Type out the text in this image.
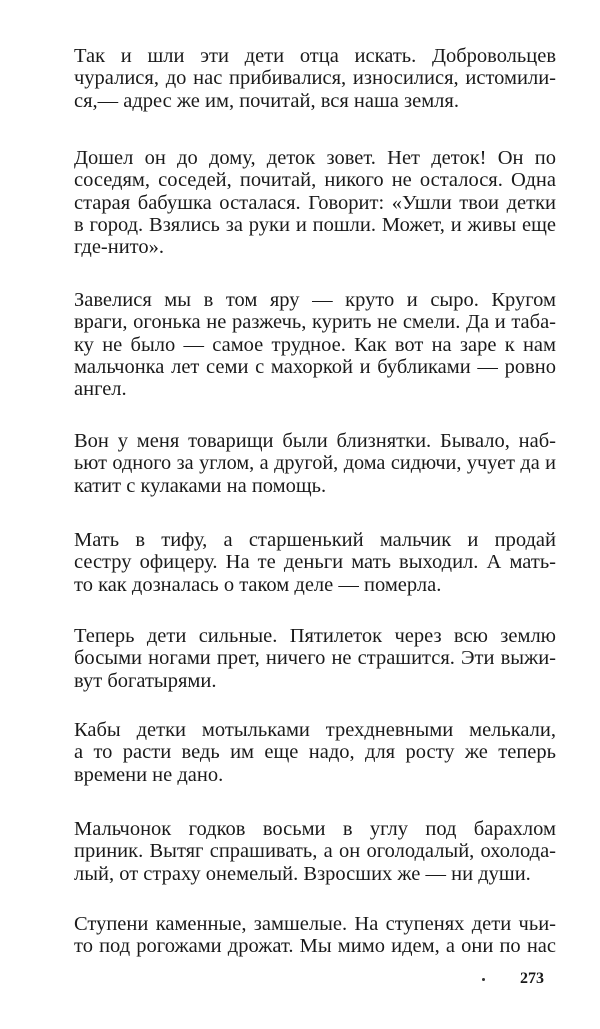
Так и шли эти дети отца искать. Добровольцев
чуралися, до нас прибивалися, износилися, истомили-
ся,— адрес же им, почитай, вся наша земля.

Дошел он до дому, деток зовет. Нет деток! Он по
соседям, соседей, почитай, никого не осталося. Одна
старая бабушка осталася. Говорит: «Ушли твои детки
в город. Взялись за руки и пошли. Может, и живы еще
где-нито».

Завелися мы в том яру — круто и сыро. Кругом
враги, огонька не разжечь, курить не смели. Да и таба-
ку не было — самое трудное. Как вот на заре к нам
мальчонка лет семи с махоркой и бубликами — ровно
ангел.

Вон у меня товарищи были близнятки. Бывало, наб-
ьют одного за углом, а другой, дома сидючи, учует да и
катит с кулаками на помощь.

Мать в тифу, а старшенький мальчик и продай
сестру офицеру. На те деньги мать выходил. А мать-
то как дозналась о таком деле — померла.

Теперь дети сильные. Пятилеток через всю землю
босыми ногами прет, ничего не страшится. Эти выжи-
вут богатырями.

Кабы детки мотыльками трехдневными мелькали,
а то расти ведь им еще надо, для росту же теперь
времени не дано.

Мальчонок годков восьми в углу под барахлом
приник. Вытяг спрашивать, а он оголодалый, охолода-
лый, от страху онемелый. Взросших же — ни души.

Ступени каменные, замшелые. На ступенях дети чьи-
то под рогожами дрожат. Мы мимо идем, а они по нас

273
